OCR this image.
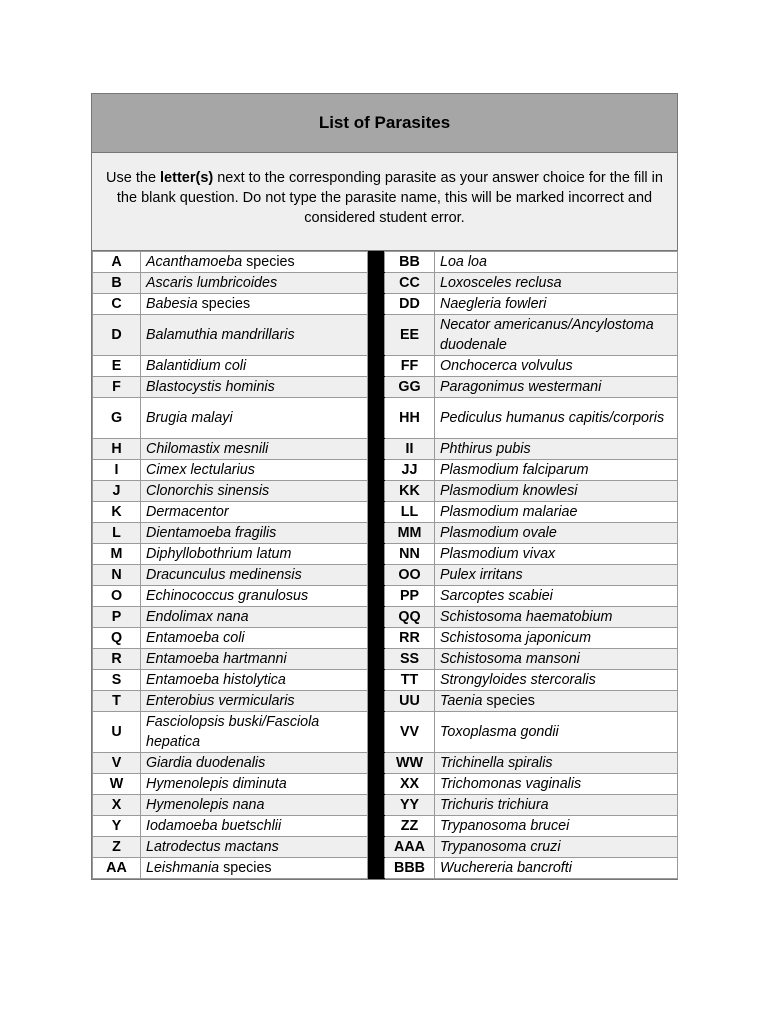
List of Parasites
Use the letter(s) next to the corresponding parasite as your answer choice for the fill in the blank question. Do not type the parasite name, this will be marked incorrect and considered student error.
A	Acanthamoeba species		BB	Loa loa
B	Ascaris lumbricoides		CC	Loxosceles reclusa
C	Babesia species		DD	Naegleria fowleri
D	Balamuthia mandrillaris		EE	Necator americanus/Ancylostoma duodenale
E	Balantidium coli		FF	Onchocerca volvulus
F	Blastocystis hominis		GG	Paragonimus westermani
G	Brugia malayi		HH	Pediculus humanus capitis/corporis
H	Chilomastix mesnili		II	Phthirus pubis
I	Cimex lectularius		JJ	Plasmodium falciparum
J	Clonorchis sinensis		KK	Plasmodium knowlesi
K	Dermacentor		LL	Plasmodium malariae
L	Dientamoeba fragilis		MM	Plasmodium ovale
M	Diphyllobothrium latum		NN	Plasmodium vivax
N	Dracunculus medinensis		OO	Pulex irritans
O	Echinococcus granulosus		PP	Sarcoptes scabiei
P	Endolimax nana		QQ	Schistosoma haematobium
Q	Entamoeba coli		RR	Schistosoma japonicum
R	Entamoeba hartmanni		SS	Schistosoma mansoni
S	Entamoeba histolytica		TT	Strongyloides stercoralis
T	Enterobius vermicularis		UU	Taenia species
U	Fasciolopsis buski/Fasciola hepatica		VV	Toxoplasma gondii
V	Giardia duodenalis		WW	Trichinella spiralis
W	Hymenolepis diminuta		XX	Trichomonas vaginalis
X	Hymenolepis nana		YY	Trichuris trichiura
Y	Iodamoeba buetschlii		ZZ	Trypanosoma brucei
Z	Latrodectus mactans		AAA	Trypanosoma cruzi
AA	Leishmania species		BBB	Wuchereria bancrofti
